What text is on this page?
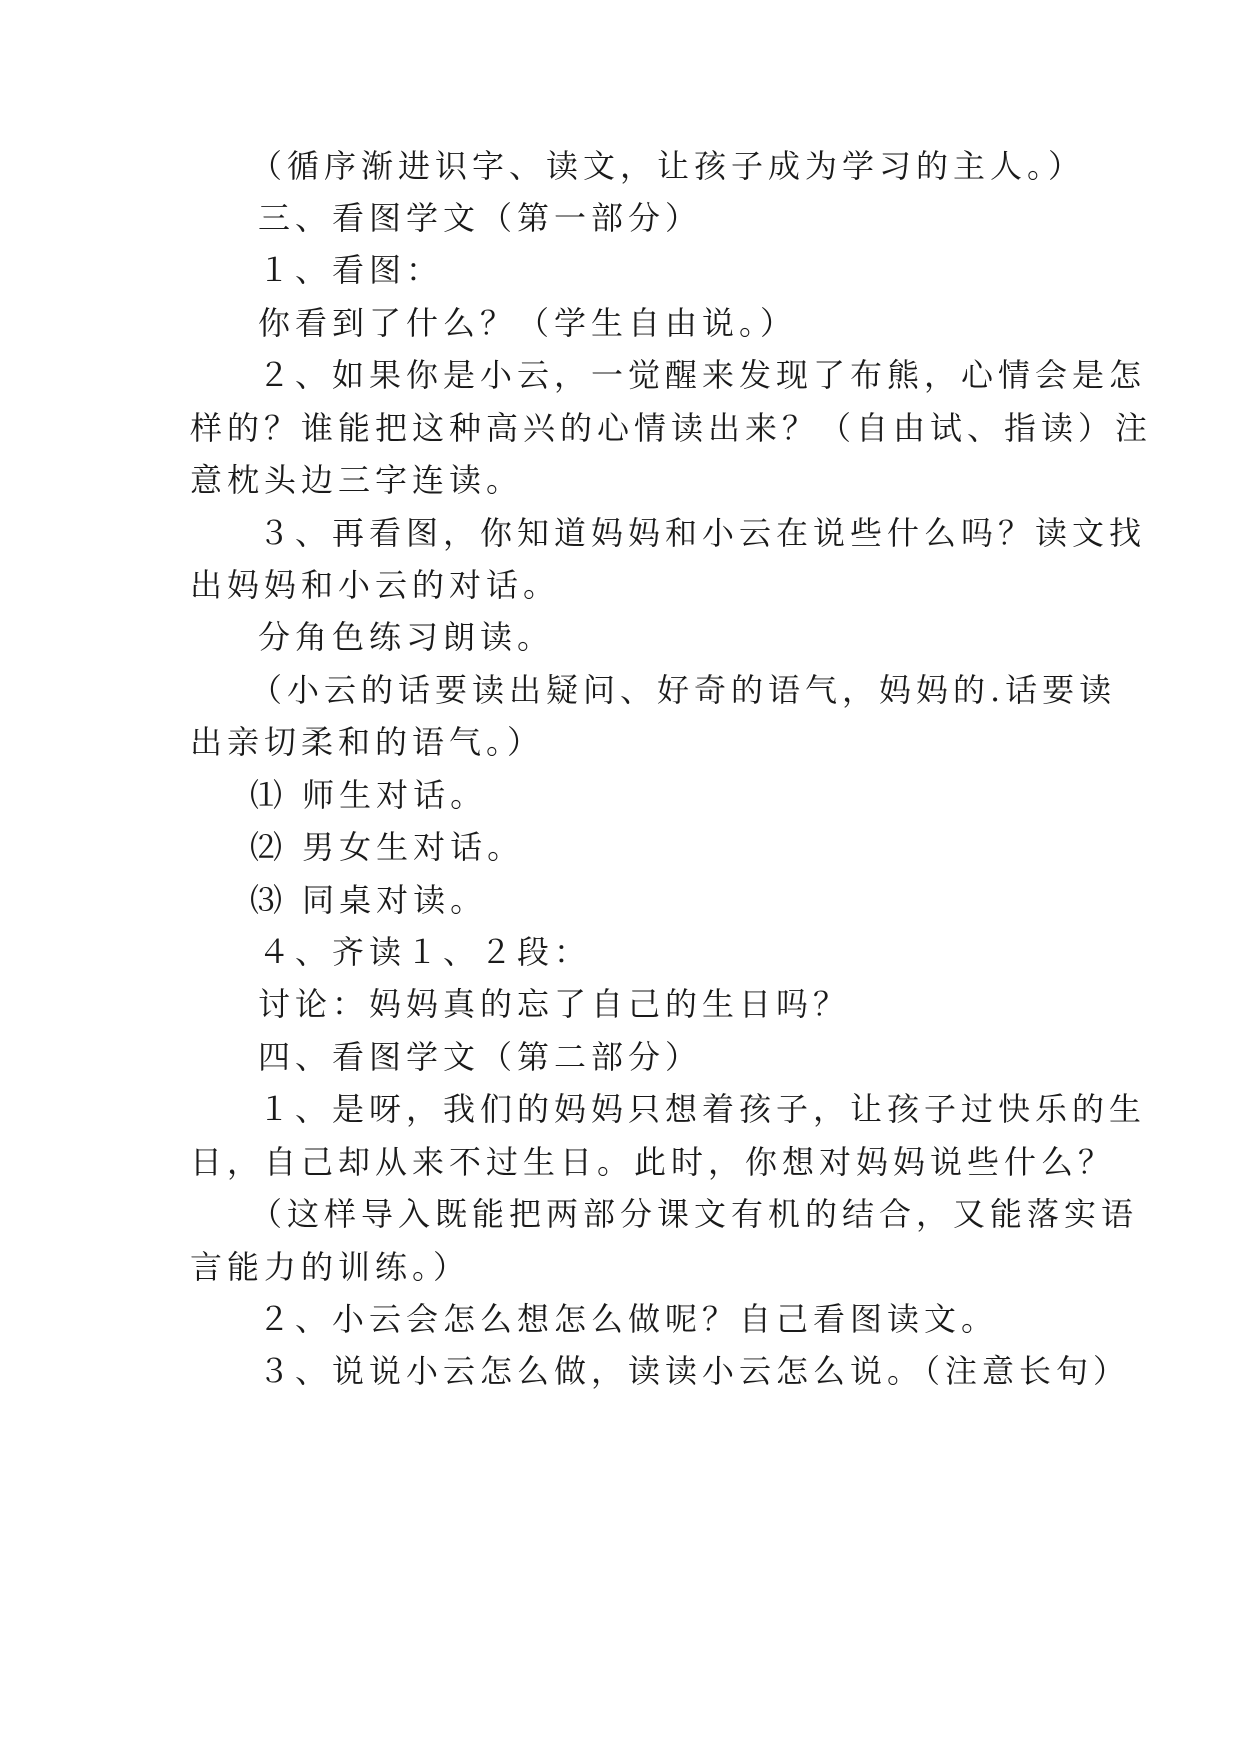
（循序渐进识字、读文，让孩子成为学习的主人。）
三、看图学文（第一部分）
１、看图：
你看到了什么？（学生自由说。）
２、如果你是小云，一觉醒来发现了布熊，心情会是怎
样的？谁能把这种高兴的心情读出来？（自由试、指读）注
意枕头边三字连读。
３、再看图，你知道妈妈和小云在说些什么吗？读文找
出妈妈和小云的对话。
分角色练习朗读。
（小云的话要读出疑问、好奇的语气，妈妈的.话要读
出亲切柔和的语气。）
⑴ 师生对话。
⑵ 男女生对话。
⑶ 同桌对读。
４、齐读１、２段：
讨论：妈妈真的忘了自己的生日吗？
四、看图学文（第二部分）
１、是呀，我们的妈妈只想着孩子，让孩子过快乐的生
日，自己却从来不过生日。此时，你想对妈妈说些什么？
（这样导入既能把两部分课文有机的结合，又能落实语
言能力的训练。）
２、小云会怎么想怎么做呢？自己看图读文。
３、说说小云怎么做，读读小云怎么说。（注意长句）
